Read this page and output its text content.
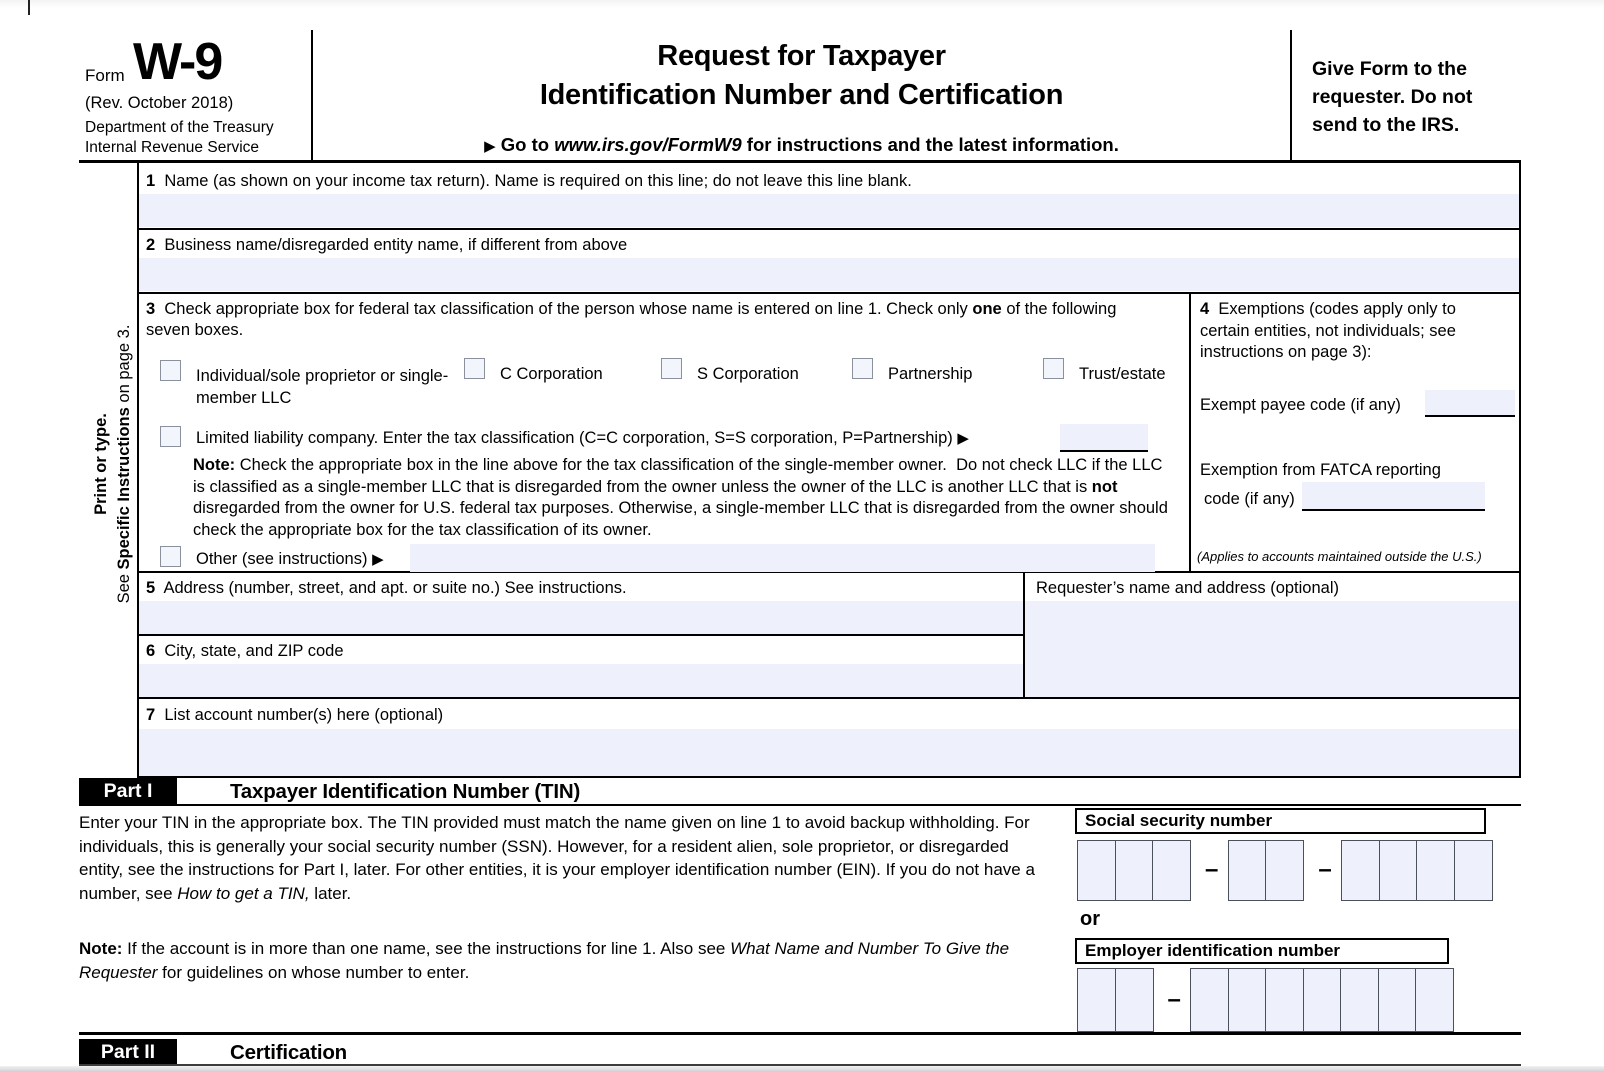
Form W-9
(Rev. October 2018)
Department of the Treasury
Internal Revenue Service
Request for Taxpayer
Identification Number and Certification
▶ Go to www.irs.gov/FormW9 for instructions and the latest information.
Give Form to the requester. Do not send to the IRS.
Print or type.
See Specific Instructions on page 3.
1  Name (as shown on your income tax return). Name is required on this line; do not leave this line blank.
2  Business name/disregarded entity name, if different from above
3  Check appropriate box for federal tax classification of the person whose name is entered on line 1. Check only one of the following seven boxes.
Individual/sole proprietor or single-member LLC
C Corporation	S Corporation	Partnership	Trust/estate
Limited liability company. Enter the tax classification (C=C corporation, S=S corporation, P=Partnership) ▶
Note: Check the appropriate box in the line above for the tax classification of the single-member owner.  Do not check LLC if the LLC is classified as a single-member LLC that is disregarded from the owner unless the owner of the LLC is another LLC that is not disregarded from the owner for U.S. federal tax purposes. Otherwise, a single-member LLC that is disregarded from the owner should check the appropriate box for the tax classification of its owner.
Other (see instructions) ▶
4  Exemptions (codes apply only to certain entities, not individuals; see instructions on page 3):
Exempt payee code (if any)
Exemption from FATCA reporting
code (if any)
(Applies to accounts maintained outside the U.S.)
5  Address (number, street, and apt. or suite no.) See instructions.	Requester’s name and address (optional)
6  City, state, and ZIP code
7  List account number(s) here (optional)
Part I	Taxpayer Identification Number (TIN)
Enter your TIN in the appropriate box. The TIN provided must match the name given on line 1 to avoid backup withholding. For individuals, this is generally your social security number (SSN). However, for a resident alien, sole proprietor, or disregarded entity, see the instructions for Part I, later. For other entities, it is your employer identification number (EIN). If you do not have a number, see How to get a TIN, later.
Note: If the account is in more than one name, see the instructions for line 1. Also see What Name and Number To Give the Requester for guidelines on whose number to enter.
Social security number
–	–
or
Employer identification number
–
Part II	Certification
